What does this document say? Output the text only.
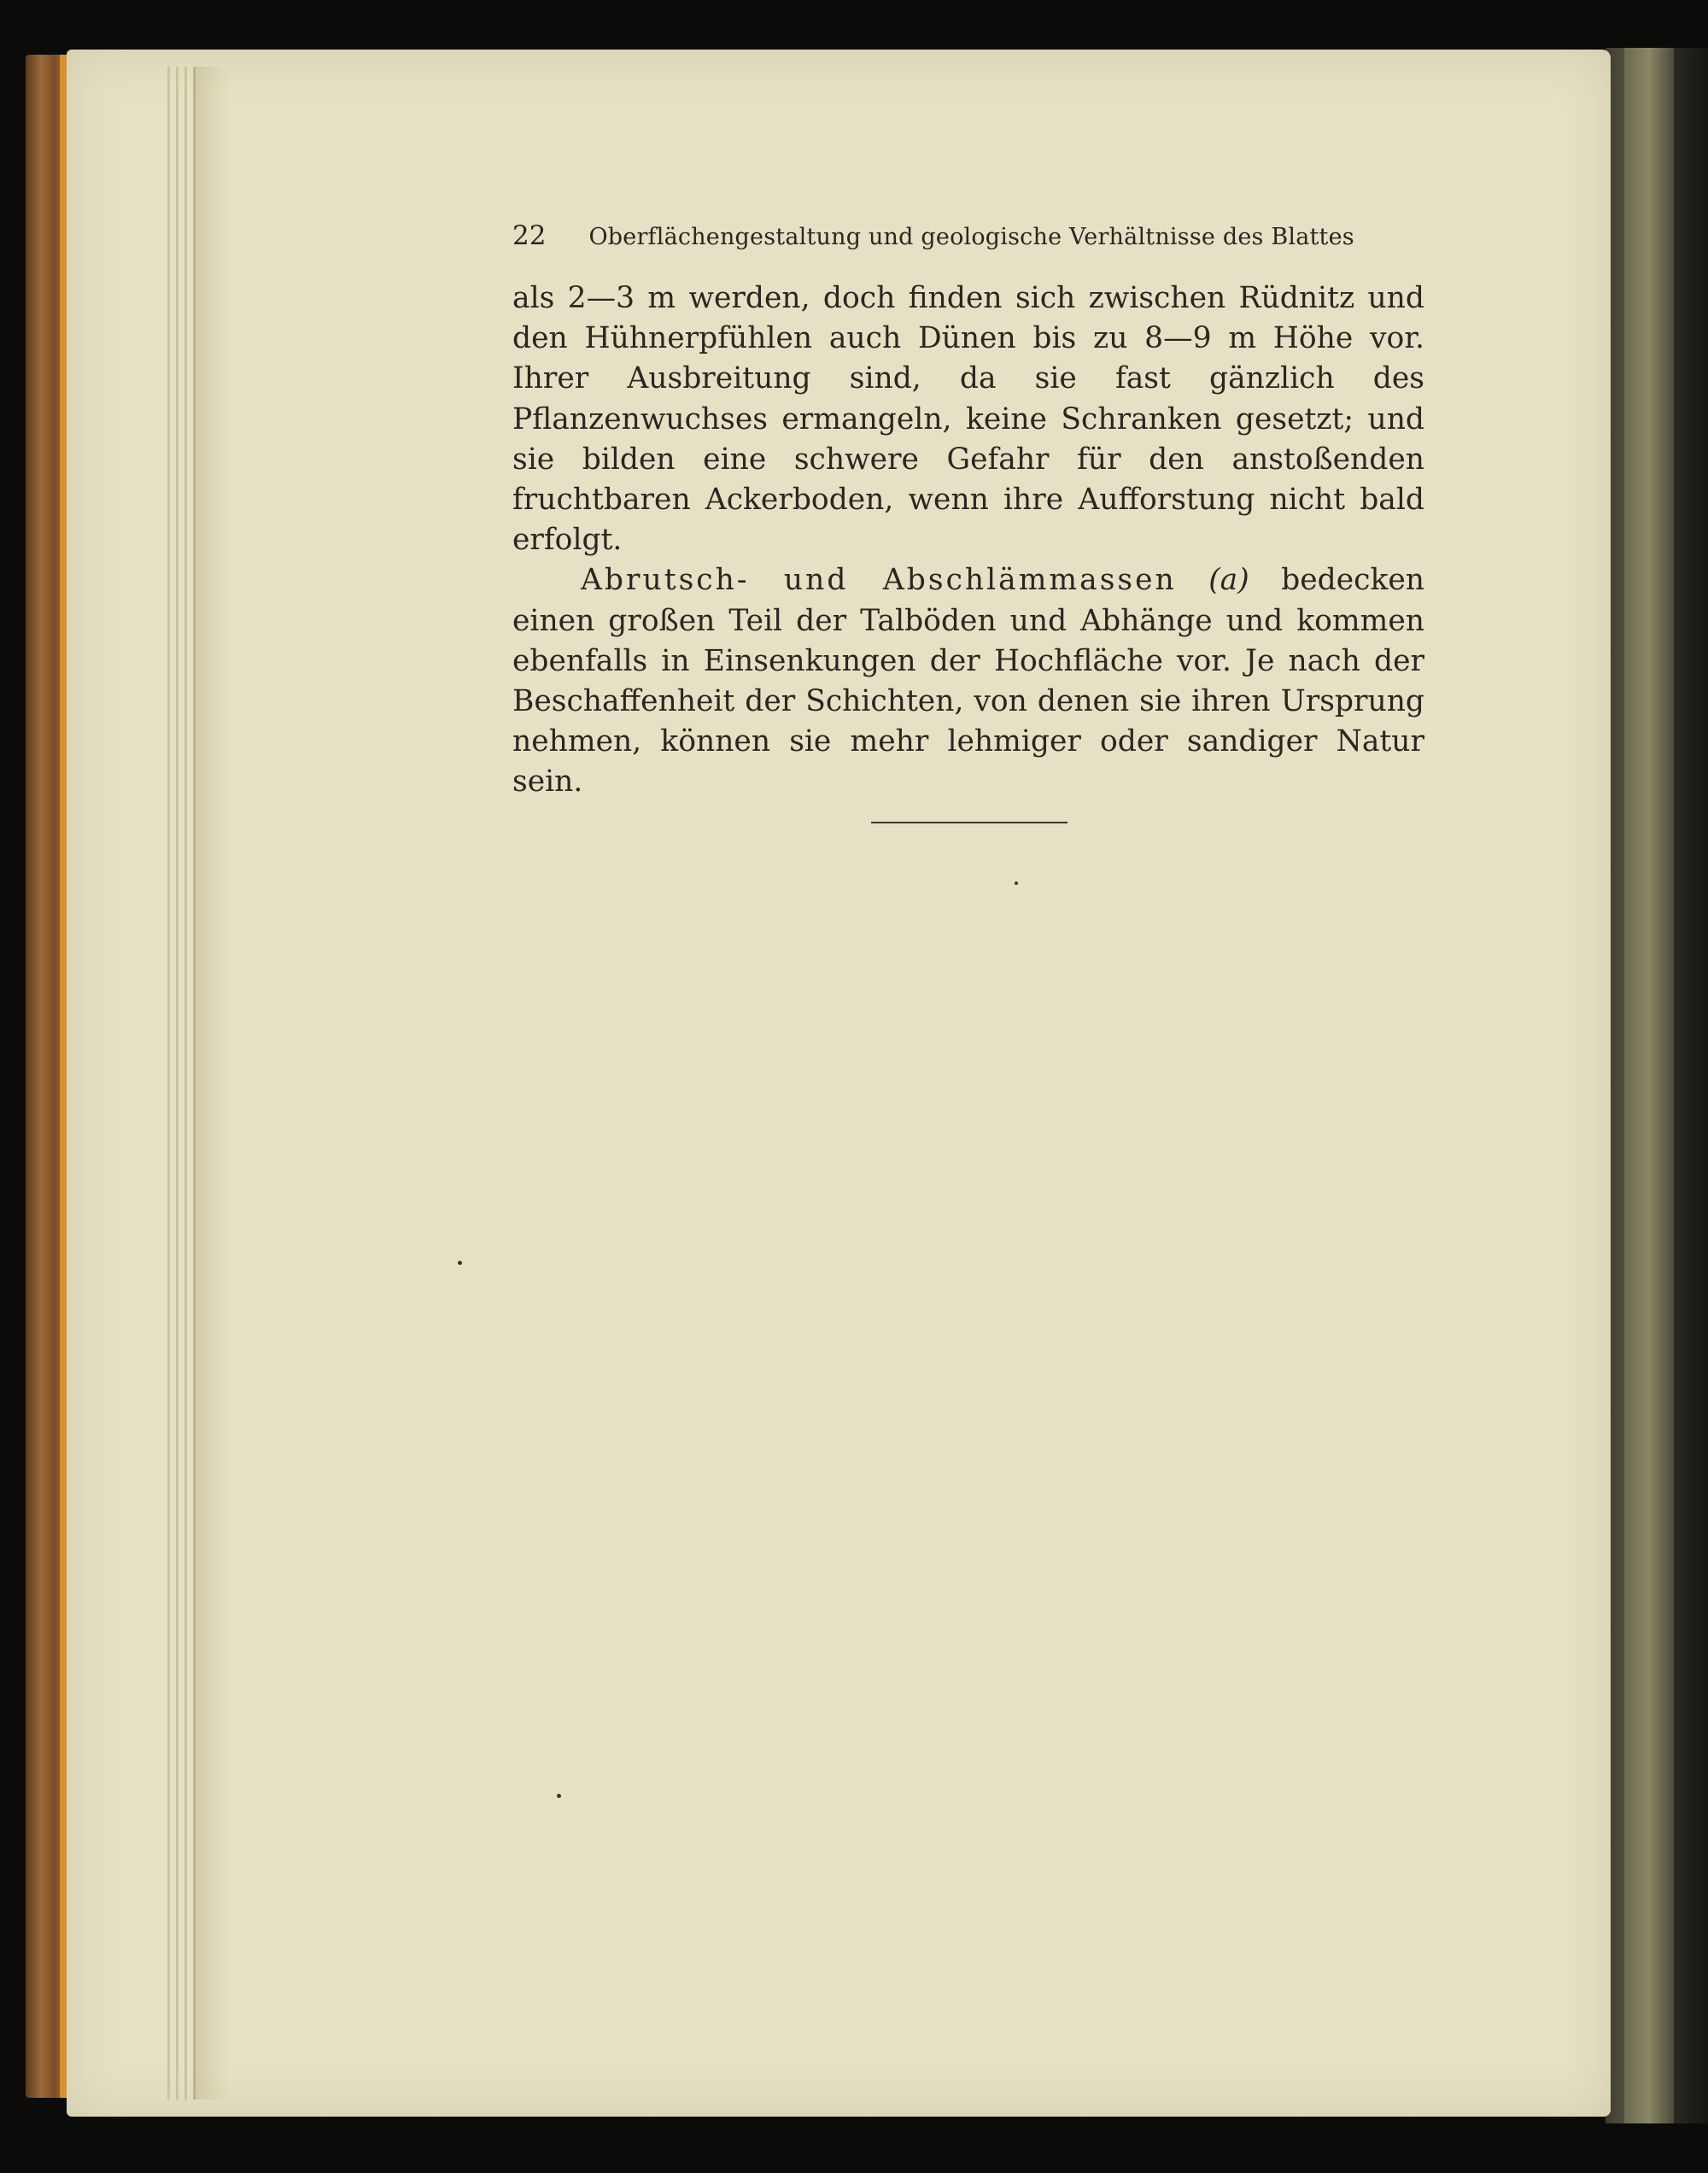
22 Oberflächengestaltung und geologische Verhältnisse des Blattes

als 2—3 m werden, doch finden sich zwischen Rüdnitz und den Hühnerpfühlen auch Dünen bis zu 8—9 m Höhe vor. Ihrer Ausbreitung sind, da sie fast gänzlich des Pflanzenwuchses ermangeln, keine Schranken gesetzt; und sie bilden eine schwere Gefahr für den anstoßenden fruchtbaren Ackerboden, wenn ihre Aufforstung nicht bald erfolgt.

Abrutsch- und Abschlämmassen (a) bedecken einen großen Teil der Talböden und Abhänge und kommen ebenfalls in Einsenkungen der Hochfläche vor. Je nach der Beschaffenheit der Schichten, von denen sie ihren Ursprung nehmen, können sie mehr lehmiger oder sandiger Natur sein.
